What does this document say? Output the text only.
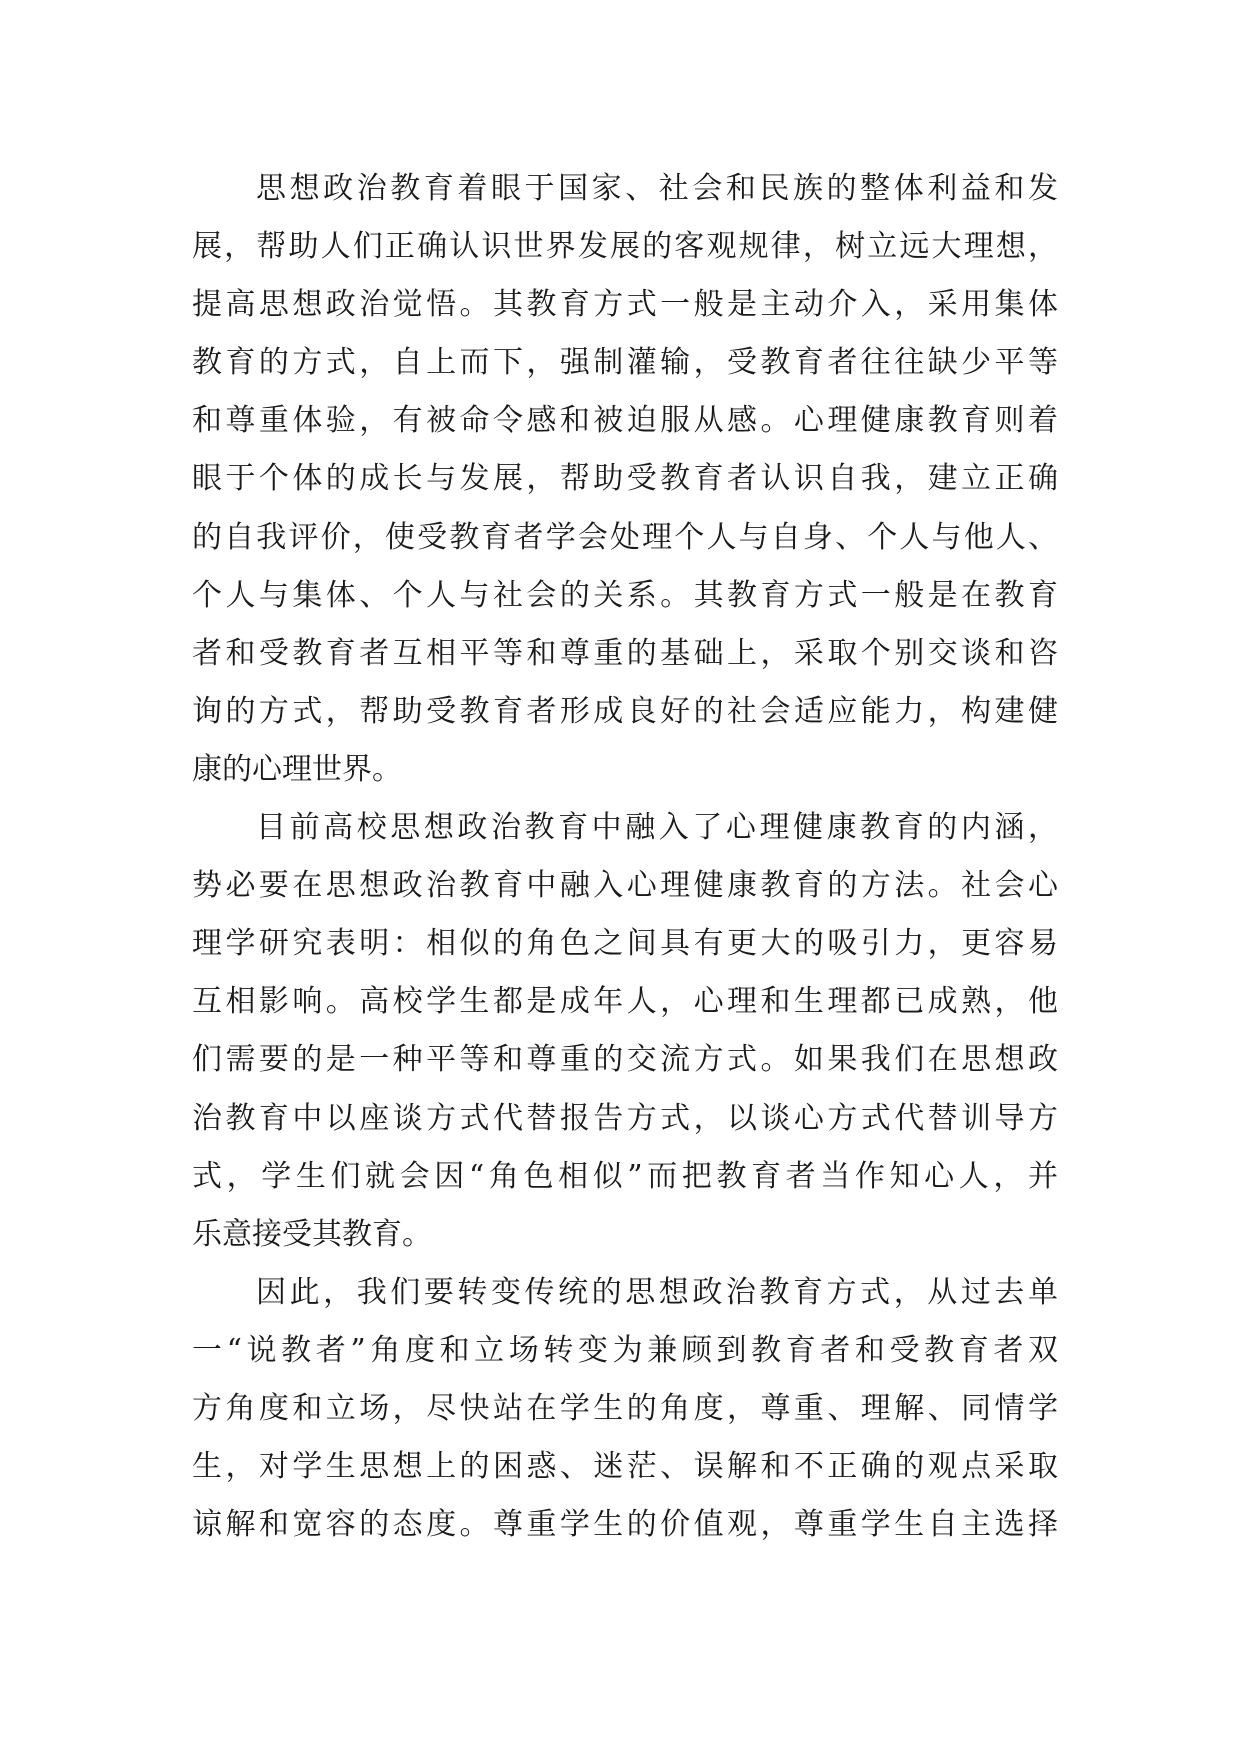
思想政治教育着眼于国家、社会和民族的整体利益和发
展，帮助人们正确认识世界发展的客观规律，树立远大理想，
提高思想政治觉悟。其教育方式一般是主动介入，采用集体
教育的方式，自上而下，强制灌输，受教育者往往缺少平等
和尊重体验，有被命令感和被迫服从感。心理健康教育则着
眼于个体的成长与发展，帮助受教育者认识自我，建立正确
的自我评价，使受教育者学会处理个人与自身、个人与他人、
个人与集体、个人与社会的关系。其教育方式一般是在教育
者和受教育者互相平等和尊重的基础上，采取个别交谈和咨
询的方式，帮助受教育者形成良好的社会适应能力，构建健
康的心理世界。
目前高校思想政治教育中融入了心理健康教育的内涵，
势必要在思想政治教育中融入心理健康教育的方法。社会心
理学研究表明：相似的角色之间具有更大的吸引力，更容易
互相影响。高校学生都是成年人，心理和生理都已成熟，他
们需要的是一种平等和尊重的交流方式。如果我们在思想政
治教育中以座谈方式代替报告方式，以谈心方式代替训导方
式，学生们就会因“角色相似”而把教育者当作知心人，并
乐意接受其教育。
因此，我们要转变传统的思想政治教育方式，从过去单
一“说教者”角度和立场转变为兼顾到教育者和受教育者双
方角度和立场，尽快站在学生的角度，尊重、理解、同情学
生，对学生思想上的困惑、迷茫、误解和不正确的观点采取
谅解和宽容的态度。尊重学生的价值观，尊重学生自主选择
